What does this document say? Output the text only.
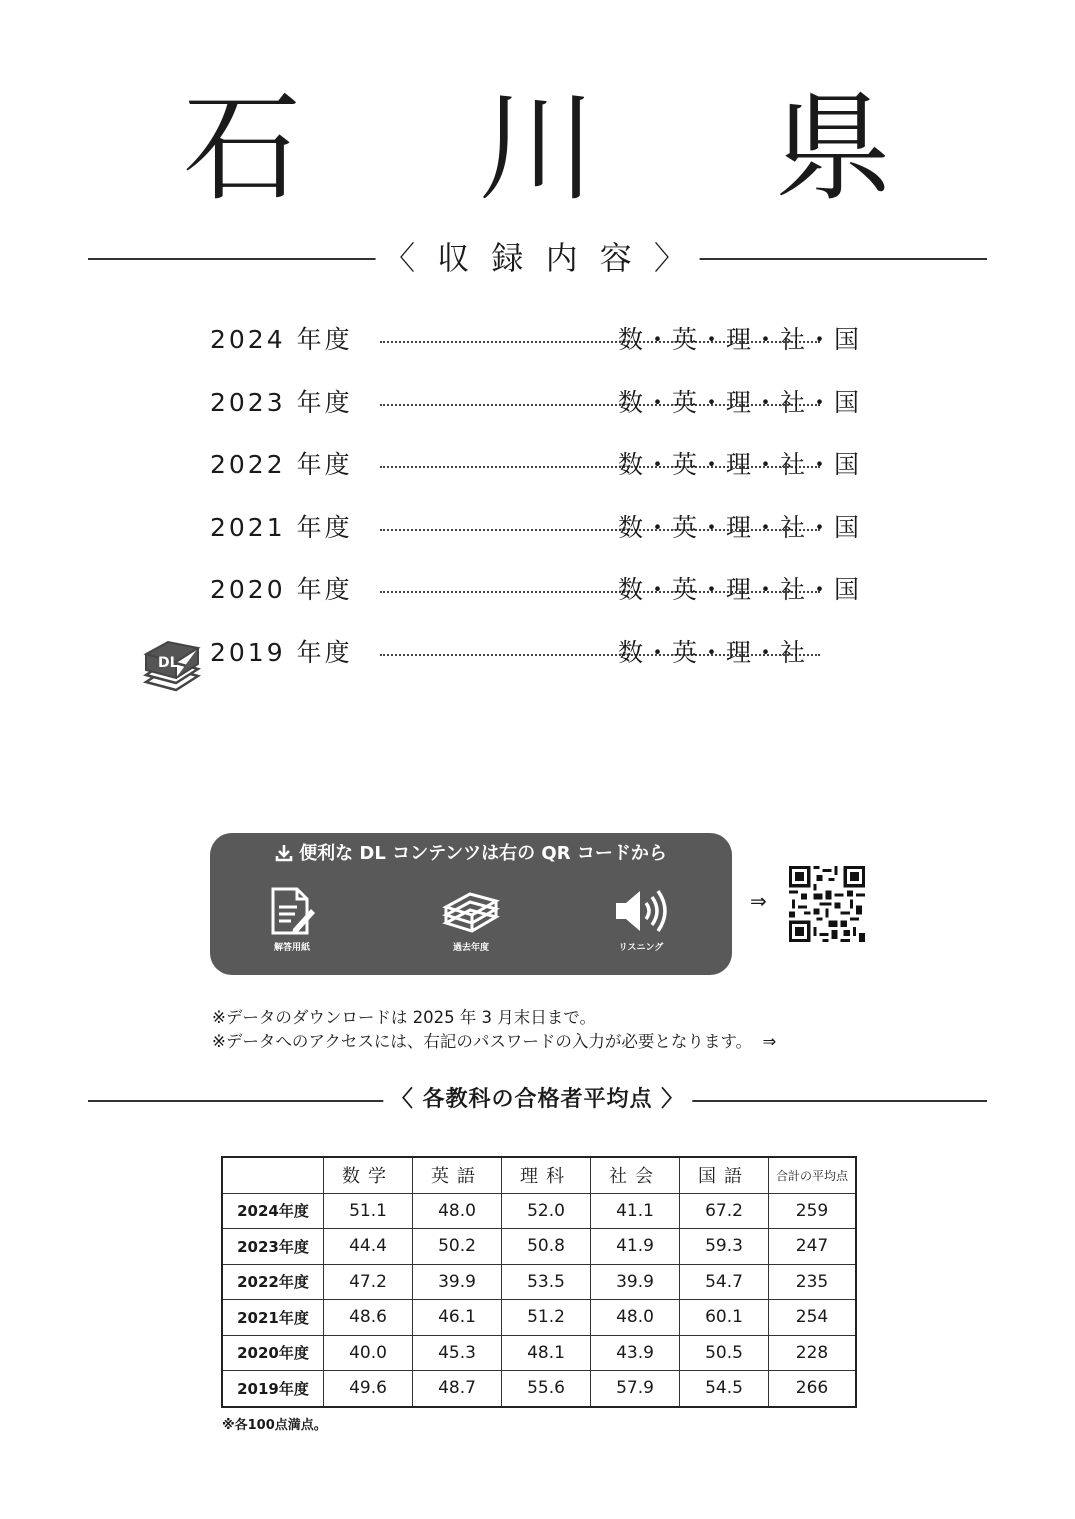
石 川 県
〈 収 録 内 容 〉
2024 年度	数・英・理・社・国
2023 年度	数・英・理・社・国
2022 年度	数・英・理・社・国
2021 年度	数・英・理・社・国
2020 年度	数・英・理・社・国
2019 年度	数・英・理・社
DL
便利な DL コンテンツは右の QR コードから
解答用紙	過去年度	リスニング
⇒
※データのダウンロードは 2025 年 3 月末日まで。
※データへのアクセスには、右記のパスワードの入力が必要となります。 ⇒
〈 各教科の合格者平均点 〉
	数学	英語	理科	社会	国語	合計の平均点
2024年度	51.1	48.0	52.0	41.1	67.2	259
2023年度	44.4	50.2	50.8	41.9	59.3	247
2022年度	47.2	39.9	53.5	39.9	54.7	235
2021年度	48.6	46.1	51.2	48.0	60.1	254
2020年度	40.0	45.3	48.1	43.9	50.5	228
2019年度	49.6	48.7	55.6	57.9	54.5	266
※各100点満点。
